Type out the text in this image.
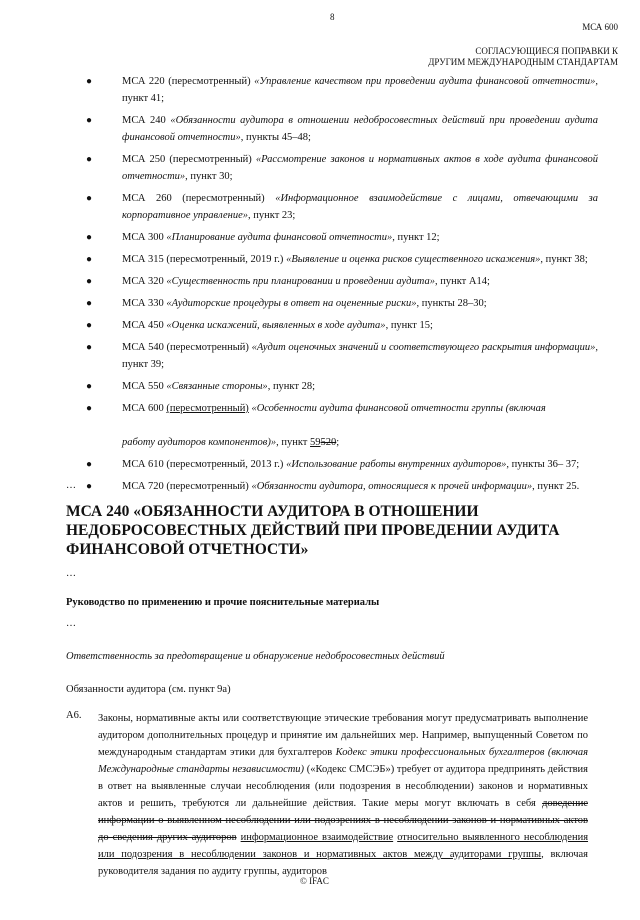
8
МСА 600
СОГЛАСУЮЩИЕСЯ ПОПРАВКИ К
ДРУГИМ МЕЖДУНАРОДНЫМ СТАНДАРТАМ
●	МСА 220 (пересмотренный) «Управление качеством при проведении аудита финансовой отчетности», пункт 41;
●	МСА 240 «Обязанности аудитора в отношении недобросовестных действий при проведении аудита финансовой отчетности», пункты 45–48;
●	МСА 250 (пересмотренный) «Рассмотрение законов и нормативных актов в ходе аудита финансовой отчетности», пункт 30;
●	МСА 260 (пересмотренный) «Информационное взаимодействие с лицами, отвечающими за корпоративное управление», пункт 23;
●	МСА 300 «Планирование аудита финансовой отчетности», пункт 12;
●	МСА 315 (пересмотренный, 2019 г.) «Выявление и оценка рисков существенного искажения», пункт 38;
●	МСА 320 «Существенность при планировании и проведении аудита», пункт A14;
●	МСА 330 «Аудиторские процедуры в ответ на оцененные риски», пункты 28–30;
●	МСА 450 «Оценка искажений, выявленных в ходе аудита», пункт 15;
●	МСА 540 (пересмотренный) «Аудит оценочных значений и соответствующего раскрытия информации», пункт 39;
●	МСА 550 «Связанные стороны», пункт 28;
●	МСА 600 (пересмотренный) «Особенности аудита финансовой отчетности группы (включая

работу аудиторов компонентов)», пункт 59520;
●	МСА 610 (пересмотренный, 2013 г.) «Использование работы внутренних аудиторов», пункты 36– 37;
●	МСА 720 (пересмотренный) «Обязанности аудитора, относящиеся к прочей информации», пункт 25.
…
МСА 240 «ОБЯЗАННОСТИ АУДИТОРА В ОТНОШЕНИИ НЕДОБРОСОВЕСТНЫХ ДЕЙСТВИЙ ПРИ ПРОВЕДЕНИИ АУДИТА ФИНАНСОВОЙ ОТЧЕТНОСТИ»
…
Руководство по применению и прочие пояснительные материалы
…
Ответственность за предотвращение и обнаружение недобросовестных действий
Обязанности аудитора (см. пункт 9а)
А6. Законы, нормативные акты или соответствующие этические требования могут предусматривать выполнение аудитором дополнительных процедур и принятие им дальнейших мер. Например, выпущенный Советом по международным стандартам этики для бухгалтеров Кодекс этики профессиональных бухгалтеров (включая Международные стандарты независимости) («Кодекс СМСЭБ») требует от аудитора предпринять действия в ответ на выявленные случаи несоблюдения (или подозрения в несоблюдении) законов и нормативных актов и решить, требуются ли дальнейшие действия. Такие меры могут включать в себя доведение информации о выявленном несоблюдении или подозрениях в несоблюдении законов и нормативных актов до сведения других аудиторов информационное взаимодействие относительно выявленного несоблюдения или подозрения в несоблюдении законов и нормативных актов между аудиторами группы, включая руководителя задания по аудиту группы, аудиторов

© IFAC
